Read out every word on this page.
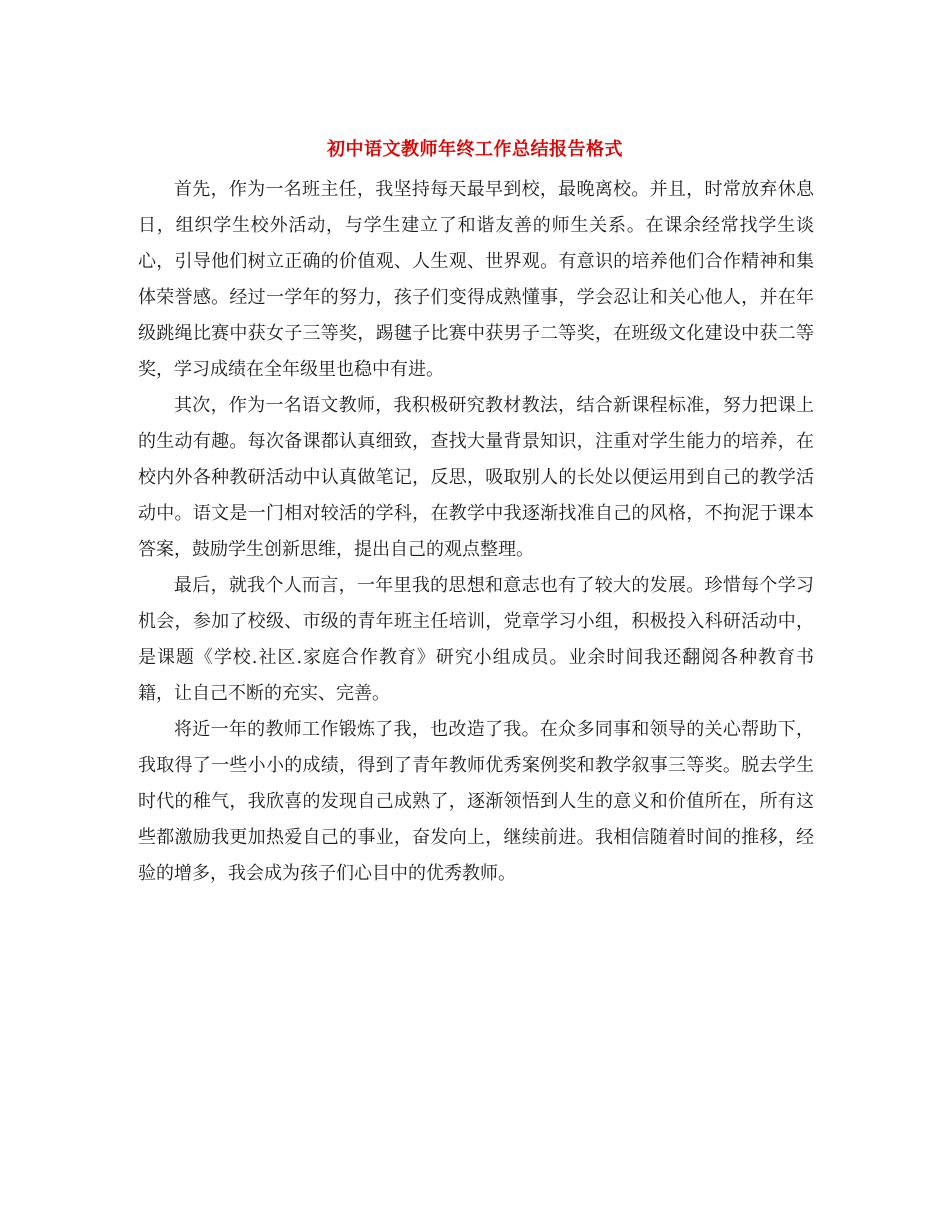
初中语文教师年终工作总结报告格式

首先，作为一名班主任，我坚持每天最早到校，最晚离校。并且，时常放弃休息日，组织学生校外活动，与学生建立了和谐友善的师生关系。在课余经常找学生谈心，引导他们树立正确的价值观、人生观、世界观。有意识的培养他们合作精神和集体荣誉感。经过一学年的努力，孩子们变得成熟懂事，学会忍让和关心他人，并在年级跳绳比赛中获女子三等奖，踢毽子比赛中获男子二等奖，在班级文化建设中获二等奖，学习成绩在全年级里也稳中有进。

其次，作为一名语文教师，我积极研究教材教法，结合新课程标准，努力把课上的生动有趣。每次备课都认真细致，查找大量背景知识，注重对学生能力的培养，在校内外各种教研活动中认真做笔记，反思，吸取别人的长处以便运用到自己的教学活动中。语文是一门相对较活的学科，在教学中我逐渐找准自己的风格，不拘泥于课本答案，鼓励学生创新思维，提出自己的观点整理。

最后，就我个人而言，一年里我的思想和意志也有了较大的发展。珍惜每个学习机会，参加了校级、市级的青年班主任培训，党章学习小组，积极投入科研活动中，是课题《学校.社区.家庭合作教育》研究小组成员。业余时间我还翻阅各种教育书籍，让自己不断的充实、完善。

将近一年的教师工作锻炼了我，也改造了我。在众多同事和领导的关心帮助下，我取得了一些小小的成绩，得到了青年教师优秀案例奖和教学叙事三等奖。脱去学生时代的稚气，我欣喜的发现自己成熟了，逐渐领悟到人生的意义和价值所在，所有这些都激励我更加热爱自己的事业，奋发向上，继续前进。我相信随着时间的推移，经验的增多，我会成为孩子们心目中的优秀教师。
